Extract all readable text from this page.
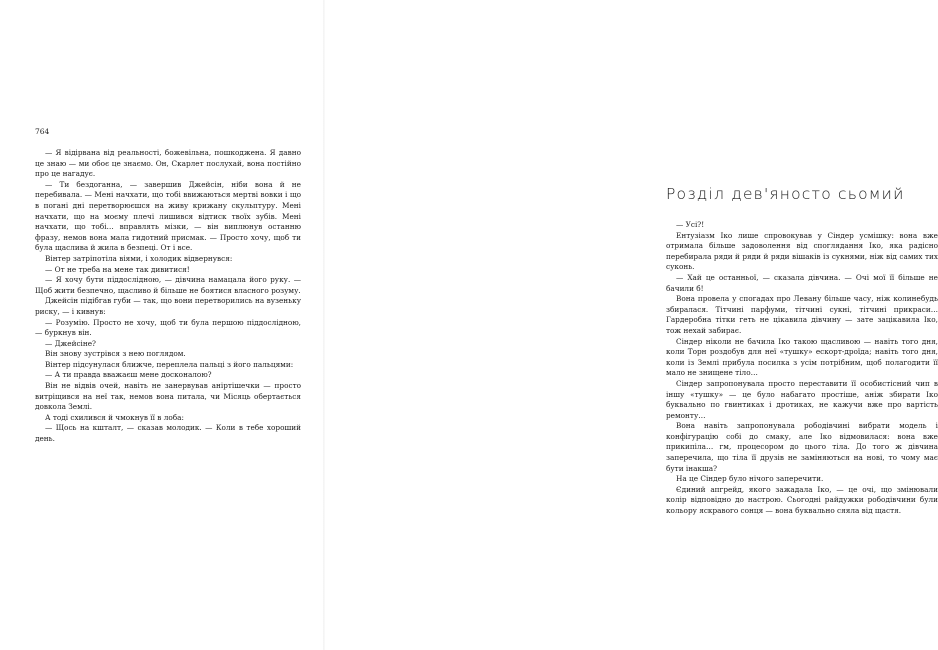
764

— Я відірвана від реальності, божевільна, пошкоджена. Я давно це знаю — ми обоє це знаємо. Он, Скарлет послухай, вона постійно про це нагадує.

— Ти бездоганна, — завершив Джейсін, ніби вона й не перебивала. — Мені начхати, що тобі ввижаються мертві вовки і що в погані дні перетворюєшся на живу крижану скульптуру. Мені начхати, що на моєму плечі лишився відтиск твоїх зубів. Мені начхати, що тобі… вправлять мізки, — він виплюнув останню фразу, немов вона мала гидотний присмак. — Просто хочу, щоб ти була щаслива й жила в безпеці. От і все.

Вінтер затріпотіла віями, і холодик відвернувся:

— От не треба на мене так дивитися!

— Я хочу бути піддослідною, — дівчина намацала його руку. — Щоб жити безпечно, щасливо й більше не боятися власного розуму.

Джейсін підібгав губи — так, що вони перетворились на вузеньку риску, — і кивнув:

— Розумію. Просто не хочу, щоб ти була першою піддослідною, — буркнув він.

— Джейсіне?

Він знову зустрівся з нею поглядом.

Вінтер підсунулася ближче, переплела пальці з його пальцями:

— А ти правда вважаєш мене досконалою?

Він не відвів очей, навіть не занервував аніртішечки — просто витріщився на неї так, немов вона питала, чи Місяць обертається довкола Землі.

А тоді схилився й чмокнув її в лоба:

— Щось на кшталт, — сказав молодик. — Коли в тебе хороший день.

Розділ дев'яносто сьомий

— Усі?!

Ентузіазм Іко лише спровокував у Сіндер усмішку: вона вже отримала більше задоволення від споглядання Іко, яка радісно перебирала ряди й ряди й ряди вішаків із сукнями, ніж від самих тих суконь.

— Хай це останньої, — сказала дівчина. — Очі мої її більше не бачили б!

Вона провела у спогадах про Левану більше часу, ніж колинебудь збиралася. Тітчині парфуми, тітчині сукні, тітчині прикраси… Гардеробна тітки геть не цікавила дівчину — зате зацікавила Іко, тож нехай забирає.

Сіндер ніколи не бачила Іко такою щасливою — навіть того дня, коли Торн роздобув для неї «тушку» ескорт-дроїда; навіть того дня, коли із Землі прибула посилка з усім потрібним, щоб полагодити її мало не знищене тіло…

Сіндер запропонувала просто переставити її особистісний чип в іншу «тушку» — це було набагато простіше, аніж збирати Іко буквально по гвинтиках і дротиках, не кажучи вже про вартість ремонту…

Вона навіть запропонувала рободівчині вибрати модель і конфігурацію собі до смаку, але Іко відмовилася: вона вже прикипіла… гм, процесором до цього тіла. До того ж дівчина заперечила, що тіла її друзів не заміняються на нові, то чому має бути інакша?

На це Сіндер було нічого заперечити.

Єдиний апгрейд, якого зажадала Іко, — це очі, що змінювали колір відповідно до настрою. Сьогодні райдужки рободівчини були кольору яскравого сонця — вона буквально сяяла від щастя.
